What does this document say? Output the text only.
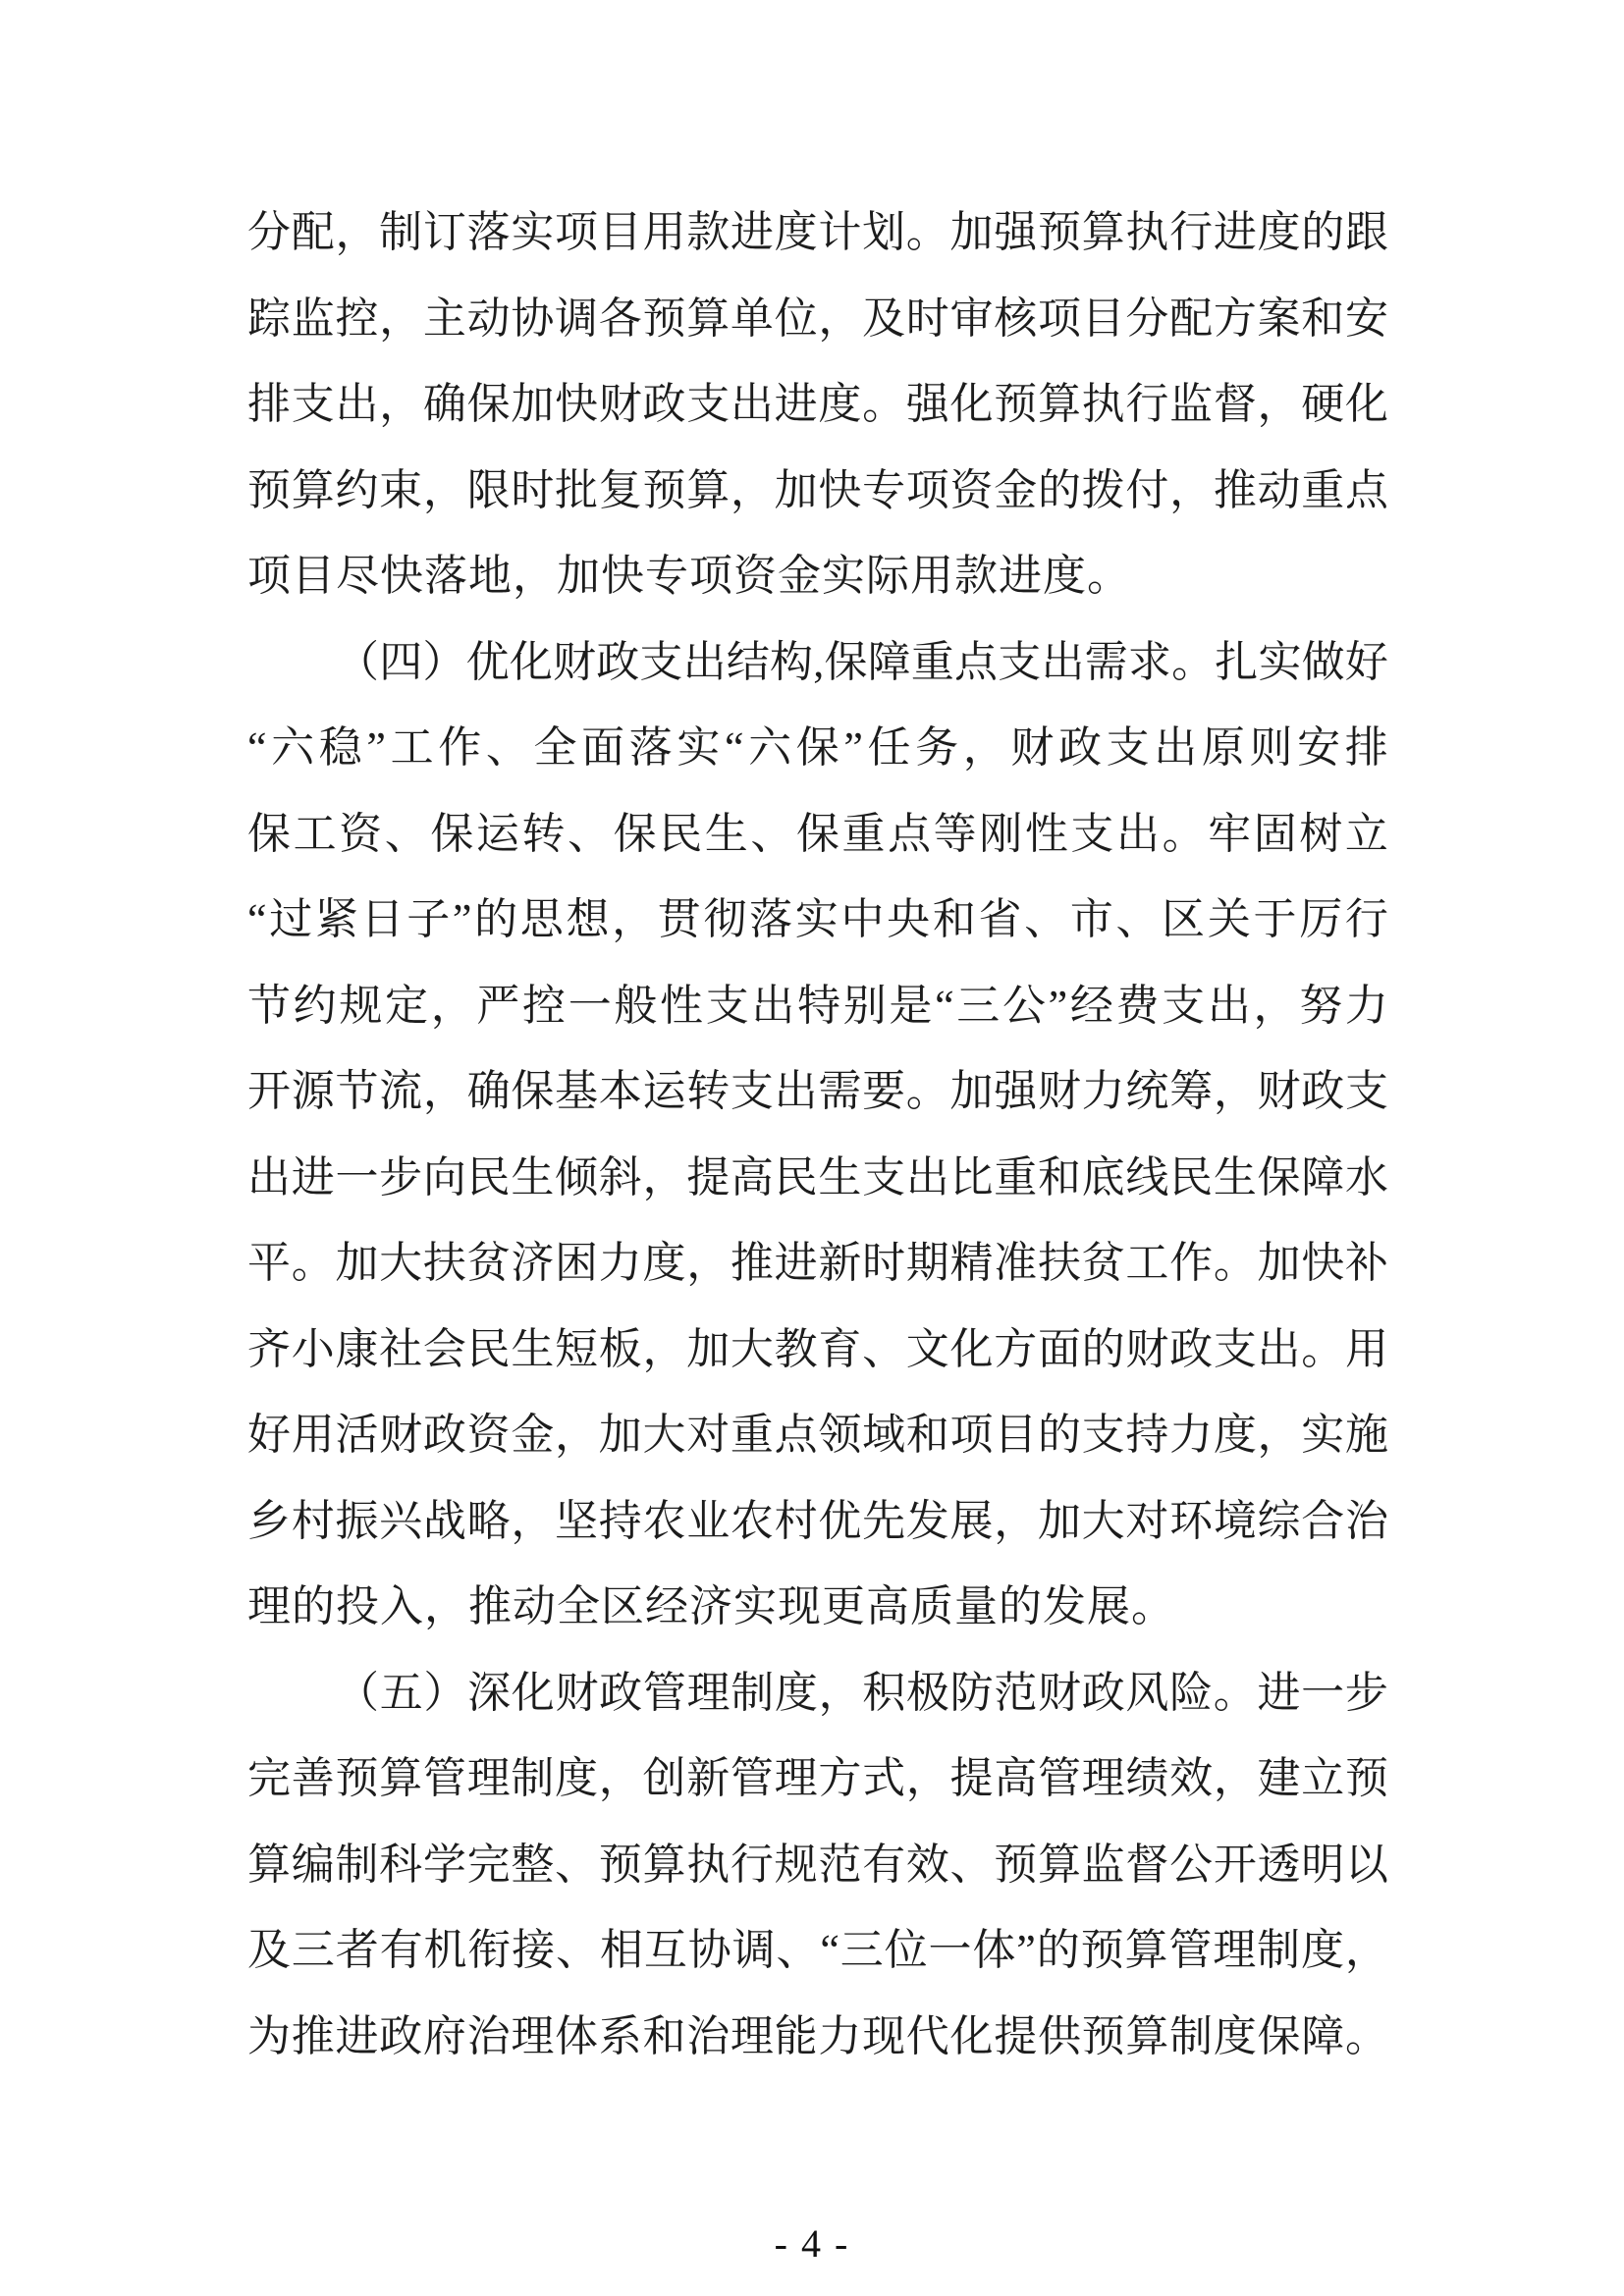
分 配 ， 制 订 落 实 项 目 用 款 进 度 计 划 。 加 强 预 算 执 行 进 度 的 跟
踪 监 控 ， 主 动 协 调 各 预 算 单 位 ， 及 时 审 核 项 目 分 配 方 案 和 安
排 支 出 ， 确 保 加 快 财 政 支 出 进 度 。 强 化 预 算 执 行 监 督 ， 硬 化
预 算 约 束 ， 限 时 批 复 预 算 ， 加 快 专 项 资 金 的 拨 付 ， 推 动 重 点
项目尽快落地，加快专项资金实际用款进度。
（ 四 ） 优 化 财 政 支 出 结 构 , 保 障 重 点 支 出 需 求 。 扎 实 做 好
“ 六 稳 ” 工 作 、 全 面 落 实 “ 六 保 ” 任 务 ， 财 政 支 出 原 则 安 排
保 工 资 、 保 运 转 、 保 民 生 、 保 重 点 等 刚 性 支 出 。 牢 固 树 立
“ 过 紧 日 子 ” 的 思 想 ， 贯 彻 落 实 中 央 和 省 、 市 、 区 关 于 厉 行
节 约 规 定 ， 严 控 一 般 性 支 出 特 别 是 “ 三 公 ” 经 费 支 出 ， 努 力
开 源 节 流 ， 确 保 基 本 运 转 支 出 需 要 。 加 强 财 力 统 筹 ， 财 政 支
出 进 一 步 向 民 生 倾 斜 ， 提 高 民 生 支 出 比 重 和 底 线 民 生 保 障 水
平 。 加 大 扶 贫 济 困 力 度 ， 推 进 新 时 期 精 准 扶 贫 工 作 。 加 快 补
齐 小 康 社 会 民 生 短 板 ， 加 大 教 育 、 文 化 方 面 的 财 政 支 出 。 用
好 用 活 财 政 资 金 ， 加 大 对 重 点 领 域 和 项 目 的 支 持 力 度 ， 实 施
乡 村 振 兴 战 略 ， 坚 持 农 业 农 村 优 先 发 展 ， 加 大 对 环 境 综 合 治
理的投入，推动全区经济实现更高质量的发展。
（ 五 ） 深 化 财 政 管 理 制 度 ， 积 极 防 范 财 政 风 险 。 进 一 步
完 善 预 算 管 理 制 度 ， 创 新 管 理 方 式 ， 提 高 管 理 绩 效 ， 建 立 预
算 编 制 科 学 完 整 、 预 算 执 行 规 范 有 效 、 预 算 监 督 公 开 透 明 以
及 三 者 有 机 衔 接 、 相 互 协 调 、 “ 三 位 一 体 ” 的 预 算 管 理 制 度 ，
为 推 进 政 府 治 理 体 系 和 治 理 能 力 现 代 化 提 供 预 算 制 度 保 障 。
- 4 -
